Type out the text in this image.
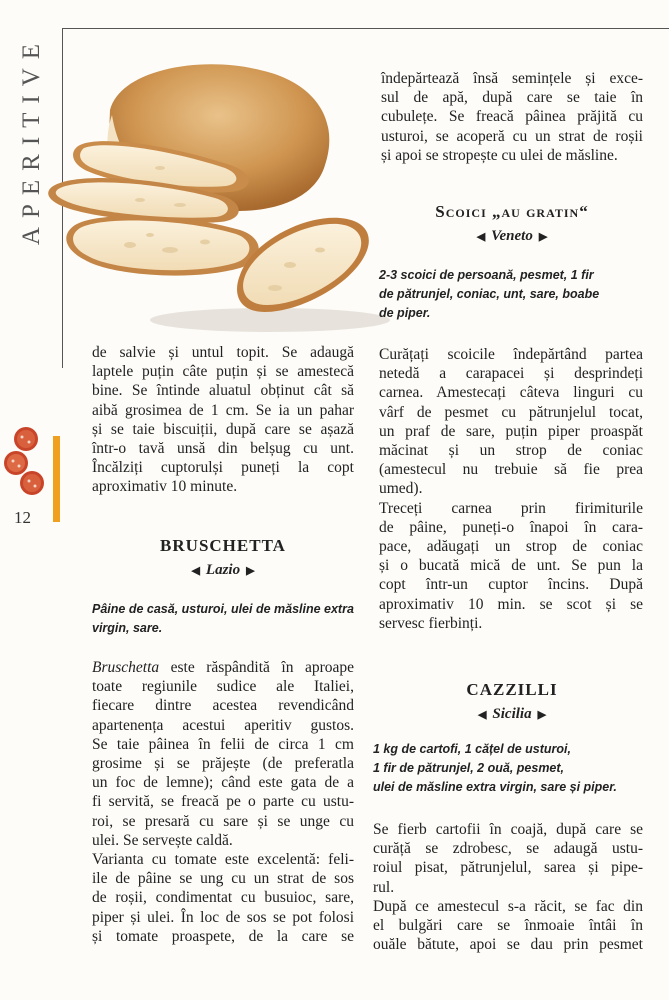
APERITIVE
12

de salvie și untul topit. Se adaugă

laptele puțin câte puțin și se amestecă

bine. Se întinde aluatul obținut cât să

aibă grosimea de 1 cm. Se ia un pahar

și se taie biscuiții, după care se așază

într-o tavă unsă din belșug cu unt.

Încălziți cuptorulși puneți la copt

aproximativ 10 minute.

BRUSCHETTA
◀ Lazio ▶
Pâine de casă, usturoi, ulei de măsline extra
virgin, sare.

Bruschetta este răspândită în aproape

toate regiunile sudice ale Italiei,

fiecare dintre acestea revendicând

apartenența acestui aperitiv gustos.

Se taie pâinea în felii de circa 1 cm

grosime și se prăjește (de preferatla

un foc de lemne); când este gata de a

fi servită, se freacă pe o parte cu ustu-

roi, se presară cu sare și se unge cu

ulei. Se servește caldă.

Varianta cu tomate este excelentă: feli-

ile de pâine se ung cu un strat de sos

de roșii, condimentat cu busuioc, sare,

piper și ulei. În loc de sos se pot folosi

și tomate proaspete, de la care se

îndepărtează însă semințele și exce-

sul de apă, după care se taie în

cubulețe. Se freacă pâinea prăjită cu

usturoi, se acoperă cu un strat de roșii

și apoi se stropește cu ulei de măsline.

Scoici „au gratin“
◀ Veneto ▶
2-3 scoici de persoană, pesmet, 1 fir
de pătrunjel, coniac, unt, sare, boabe
de piper.

Curățați scoicile îndepărtând partea

netedă a carapacei și desprindeți

carnea. Amestecați câteva linguri cu

vârf de pesmet cu pătrunjelul tocat,

un praf de sare, puțin piper proaspăt

măcinat și un strop de coniac

(amestecul nu trebuie să fie prea

umed).

Treceți carnea prin firimiturile

de pâine, puneți-o înapoi în cara-

pace, adăugați un strop de coniac

și o bucată mică de unt. Se pun la

copt într-un cuptor încins. După

aproximativ 10 min. se scot și se

servesc fierbinți.

CAZZILLI
◀ Sicilia ▶
1 kg de cartofi, 1 cățel de usturoi,
1 fir de pătrunjel, 2 ouă, pesmet,
ulei de măsline extra virgin, sare și piper.

Se fierb cartofii în coajă, după care se

curăță se zdrobesc, se adaugă ustu-

roiul pisat, pătrunjelul, sarea și pipe-

rul.

După ce amestecul s-a răcit, se fac din

el bulgări care se înmoaie întâi în

ouăle bătute, apoi se dau prin pesmet
